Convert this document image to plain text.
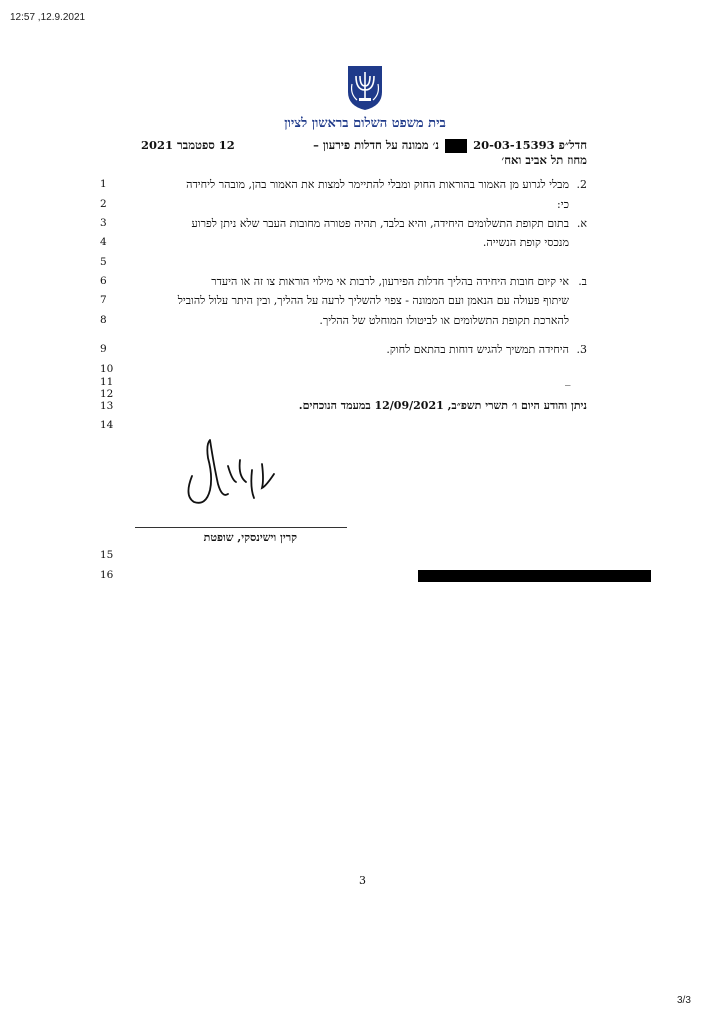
12:57 ,12.9.2021
בית משפט השלום בראשון לציון
חדל״פ 20-03-15393  נ׳ ממונה על חדלות פירעון –
12 ספטמבר 2021
מחוז תל אביב ואח׳
1
2
3
4
5
6
7
8
9
10
11
12
13
14
15
16
2.מבלי לגרוע מן האמור בהוראות החוק ומבלי להתיימר למצות את האמור בהן, מובהר ליחידה
כי:
א.בתום תקופת התשלומים היחידה, והיא בלבד, תהיה פטורה מחובות העבר שלא ניתן לפרוע
מנכסי קופת הנשייה.
ב.אי קיום חובות היחידה בהליך חדלות הפירעון, לרבות אי מילוי הוראות צו זה או היעדר
שיתוף פעולה עם הנאמן ועם הממונה - צפוי להשליך לרעה על ההליך, ובין היתר עלול להוביל
להארכת תקופת התשלומים או לביטולו המוחלט של ההליך.
3.היחידה תמשיך להגיש דוחות בהתאם לחוק.
_
ניתן והודע היום ו׳ תשרי תשפ״ב, 12/09/2021 במעמד הנוכחים.
קרין וישינסקי, שופטת
3
3/3
